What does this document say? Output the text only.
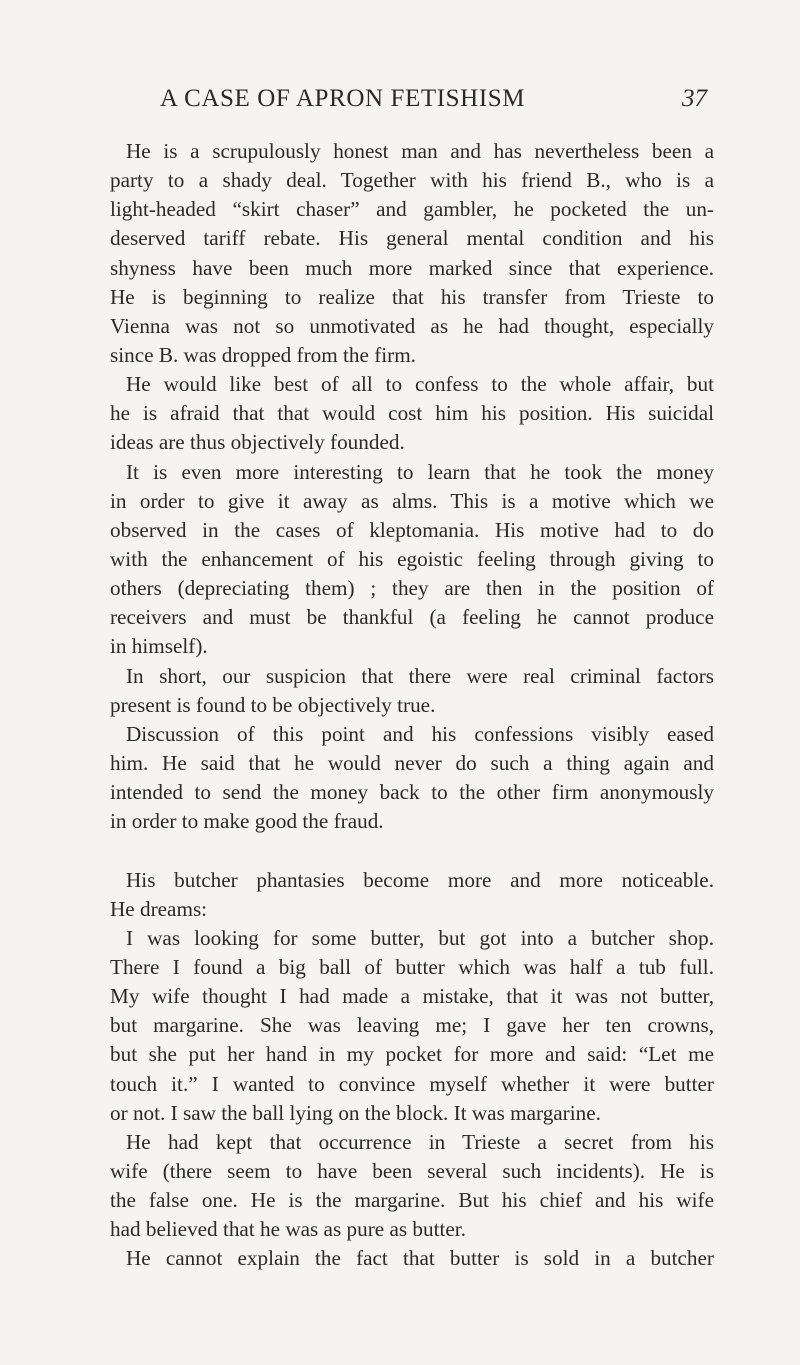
A CASE OF APRON FETISHISM	37
He is a scrupulously honest man and has nevertheless been a
party to a shady deal. Together with his friend B., who is a
light-headed “skirt chaser” and gambler, he pocketed the un-
deserved tariff rebate. His general mental condition and his
shyness have been much more marked since that experience.
He is beginning to realize that his transfer from Trieste to
Vienna was not so unmotivated as he had thought, especially
since B. was dropped from the firm.
He would like best of all to confess to the whole affair, but
he is afraid that that would cost him his position. His suicidal
ideas are thus objectively founded.
It is even more interesting to learn that he took the money
in order to give it away as alms. This is a motive which we
observed in the cases of kleptomania. His motive had to do
with the enhancement of his egoistic feeling through giving to
others (depreciating them) ; they are then in the position of
receivers and must be thankful (a feeling he cannot produce
in himself).
In short, our suspicion that there were real criminal factors
present is found to be objectively true.
Discussion of this point and his confessions visibly eased
him. He said that he would never do such a thing again and
intended to send the money back to the other firm anonymously
in order to make good the fraud.
His butcher phantasies become more and more noticeable.
He dreams:
I was looking for some butter, but got into a butcher shop.
There I found a big ball of butter which was half a tub full.
My wife thought I had made a mistake, that it was not butter,
but margarine. She was leaving me; I gave her ten crowns,
but she put her hand in my pocket for more and said: “Let me
touch it.” I wanted to convince myself whether it were butter
or not. I saw the ball lying on the block. It was margarine.
He had kept that occurrence in Trieste a secret from his
wife (there seem to have been several such incidents). He is
the false one. He is the margarine. But his chief and his wife
had believed that he was as pure as butter.
He cannot explain the fact that butter is sold in a butcher
